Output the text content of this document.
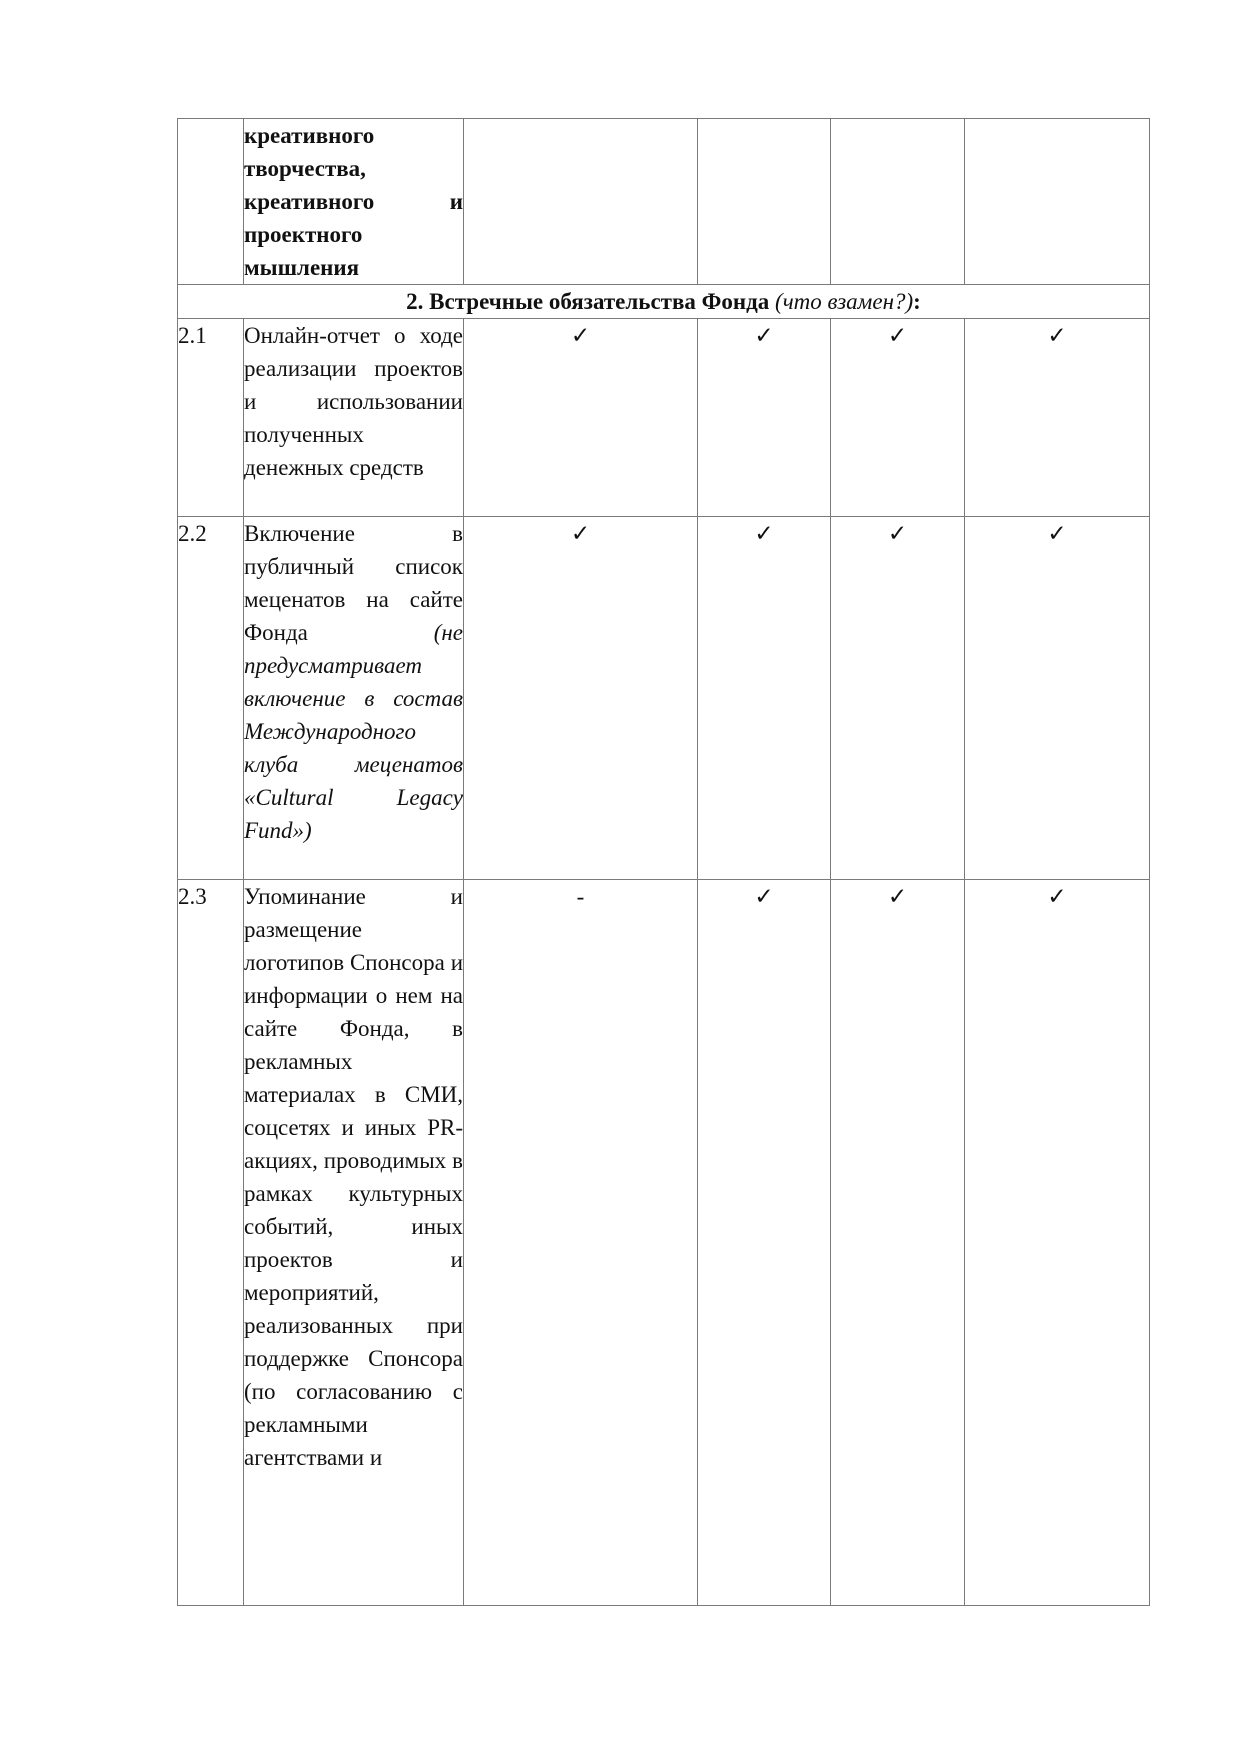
	креативного творчества, креативного и проектного мышления				
2. Встречные обязательства Фонда (что взамен?):					
2.1	Онлайн-отчет о ходе реализации проектов и использовании полученных денежных средств	✓	✓	✓	✓
2.2	Включение в публичный список меценатов на сайте Фонда (не предусматривает включение в состав Международного клуба меценатов «Cultural Legacy Fund»)	✓	✓	✓	✓
2.3	Упоминание и размещение логотипов Спонсора и информации о нем на сайте Фонда, в рекламных материалах в СМИ, соцсетях и иных PR-акциях, проводимых в рамках культурных событий, иных проектов и мероприятий, реализованных при поддержке Спонсора (по согласованию с рекламными агентствами и	-	✓	✓	✓
